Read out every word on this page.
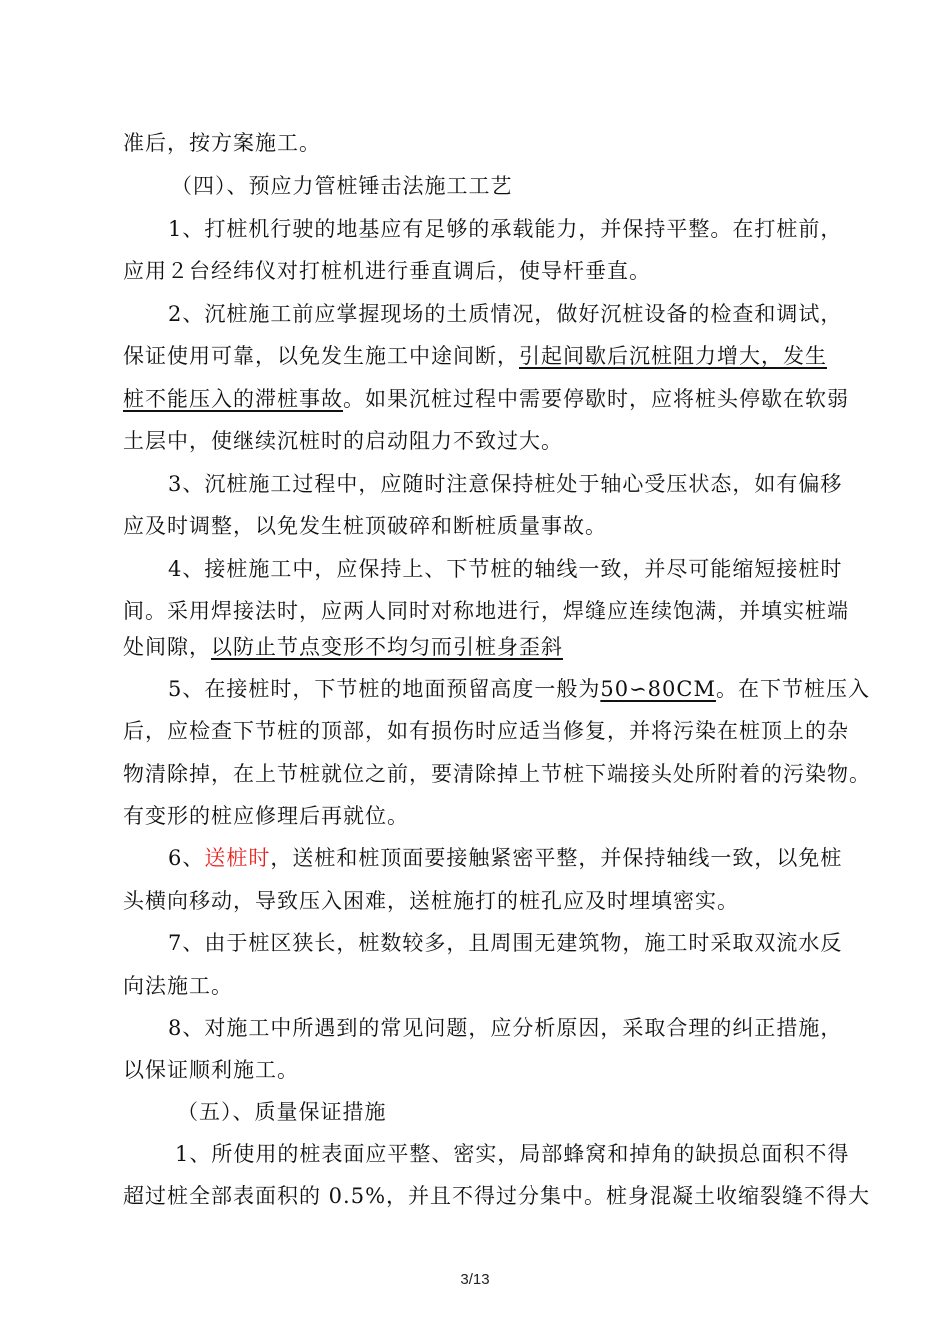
准后，按方案施工。
（四）、预应力管桩锤击法施工工艺
1、打桩机行驶的地基应有足够的承载能力，并保持平整。在打桩前，
应用２台经纬仪对打桩机进行垂直调后，使导杆垂直。
2、沉桩施工前应掌握现场的土质情况，做好沉桩设备的检查和调试，
保证使用可靠，以免发生施工中途间断，引起间歇后沉桩阻力增大，发生
桩不能压入的滞桩事故。如果沉桩过程中需要停歇时，应将桩头停歇在软弱
土层中，使继续沉桩时的启动阻力不致过大。
3、沉桩施工过程中，应随时注意保持桩处于轴心受压状态，如有偏移
应及时调整，以免发生桩顶破碎和断桩质量事故。
4、接桩施工中，应保持上、下节桩的轴线一致，并尽可能缩短接桩时
间。采用焊接法时，应两人同时对称地进行，焊缝应连续饱满，并填实桩端
处间隙，以防止节点变形不均匀而引桩身歪斜
5、在接桩时，下节桩的地面预留高度一般为50∽80CM。在下节桩压入
后，应检查下节桩的顶部，如有损伤时应适当修复，并将污染在桩顶上的杂
物清除掉，在上节桩就位之前，要清除掉上节桩下端接头处所附着的污染物。
有变形的桩应修理后再就位。
6、送桩时，送桩和桩顶面要接触紧密平整，并保持轴线一致，以免桩
头横向移动，导致压入困难，送桩施打的桩孔应及时埋填密实。
7、由于桩区狭长，桩数较多，且周围无建筑物，施工时采取双流水反
向法施工。
8、对施工中所遇到的常见问题，应分析原因，采取合理的纠正措施，
以保证顺利施工。
（五）、质量保证措施
1、所使用的桩表面应平整、密实，局部蜂窝和掉角的缺损总面积不得
超过桩全部表面积的 0.5%，并且不得过分集中。桩身混凝土收缩裂缝不得大
3/13
